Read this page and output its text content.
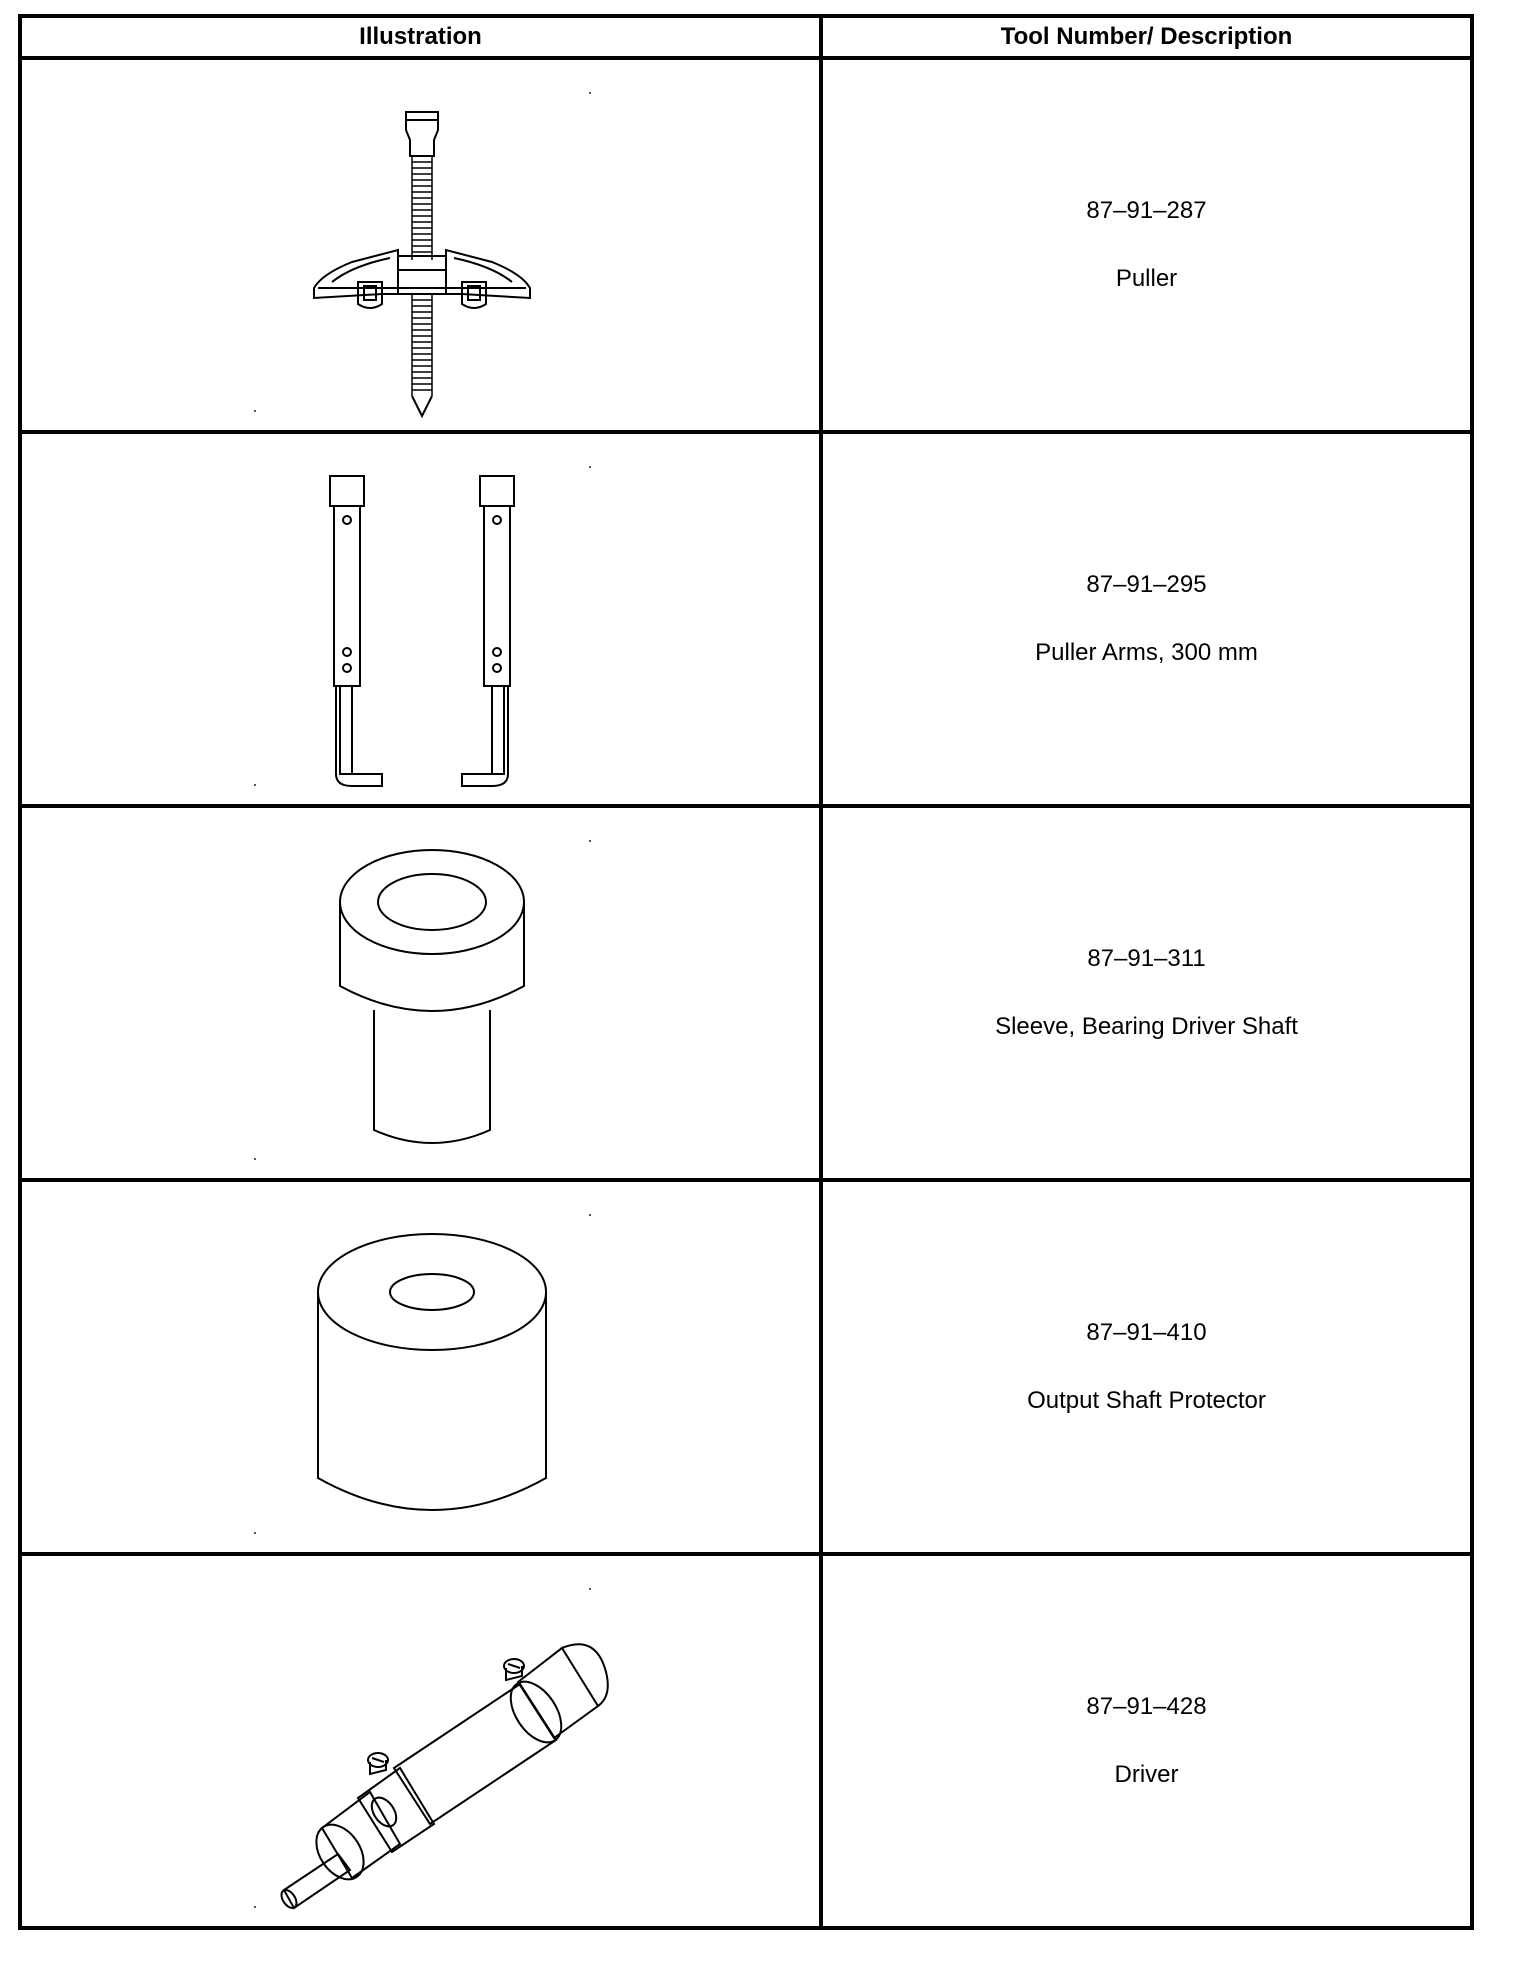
Illustration	Tool Number/ Description

87–91–287
Puller

87–91–295
Puller Arms, 300 mm

87–91–311
Sleeve, Bearing Driver Shaft

87–91–410
Output Shaft Protector

87–91–428
Driver
